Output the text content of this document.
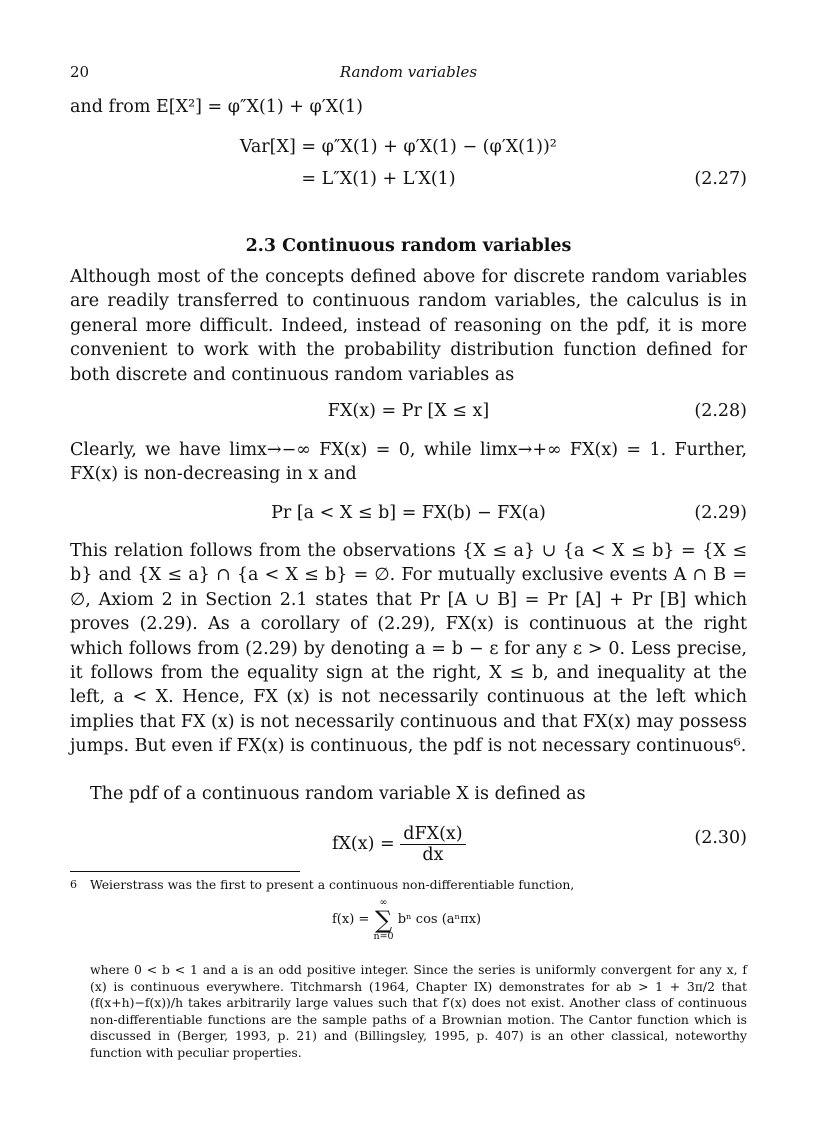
20	Random variables
and from E[X²] = φ″X(1) + φ′X(1)
Var[X] = φ″X(1) + φ′X(1) − (φ′X(1))²
= L″X(1) + L′X(1)	(2.27)
2.3 Continuous random variables
Although most of the concepts defined above for discrete random variables are readily transferred to continuous random variables, the calculus is in general more difficult. Indeed, instead of reasoning on the pdf, it is more convenient to work with the probability distribution function defined for both discrete and continuous random variables as
FX(x) = Pr [X ≤ x]	(2.28)
Clearly, we have limx→−∞ FX(x) = 0, while limx→+∞ FX(x) = 1. Further, FX(x) is non-decreasing in x and
Pr [a < X ≤ b] = FX(b) − FX(a)	(2.29)
This relation follows from the observations {X ≤ a} ∪ {a < X ≤ b} = {X ≤ b} and {X ≤ a} ∩ {a < X ≤ b} = ∅. For mutually exclusive events A ∩ B = ∅, Axiom 2 in Section 2.1 states that Pr [A ∪ B] = Pr [A] + Pr [B] which proves (2.29). As a corollary of (2.29), FX(x) is continuous at the right which follows from (2.29) by denoting a = b − ε for any ε > 0. Less precise, it follows from the equality sign at the right, X ≤ b, and inequality at the left, a < X. Hence, FX (x) is not necessarily continuous at the left which implies that FX (x) is not necessarily continuous and that FX(x) may possess jumps. But even if FX(x) is continuous, the pdf is not necessary continuous⁶.
The pdf of a continuous random variable X is defined as
$fX(x) = \frac{\text{dFX(x)}}{dx}$	(2.30)
6 Weierstrass was the first to present a continuous non-differentiable function,
f(x) =
∞
∑
n=0
bⁿ cos (aⁿπx)
where 0 < b < 1 and a is an odd positive integer. Since the series is uniformly convergent for any x, f (x) is continuous everywhere. Titchmarsh (1964, Chapter IX) demonstrates for ab > 1 + 3π/2 that (f(x+h)−f(x))/h takes arbitrarily large values such that f′(x) does not exist. Another class of continuous non-differentiable functions are the sample paths of a Brownian motion. The Cantor function which is discussed in (Berger, 1993, p. 21) and (Billingsley, 1995, p. 407) is an other classical, noteworthy function with peculiar properties.
